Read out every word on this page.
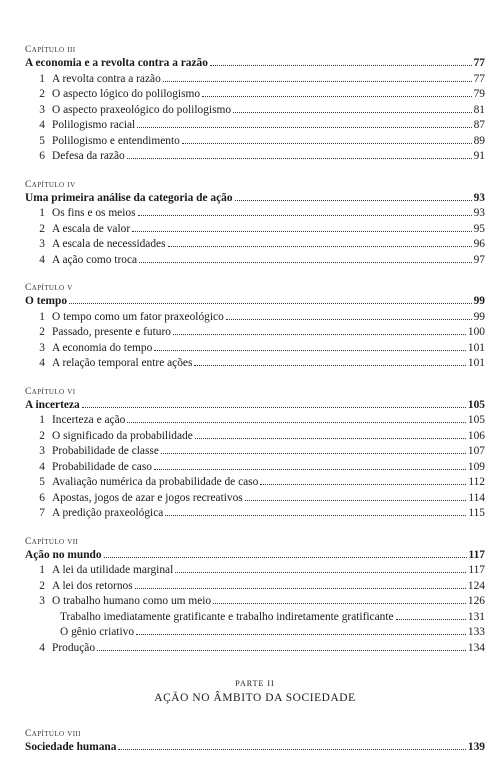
Capítulo iii
A economia e a revolta contra a razão	77
1 A revolta contra a razão	77
2 O aspecto lógico do polilogismo	79
3 O aspecto praxeológico do polilogismo	81
4 Polilogismo racial	87
5 Polilogismo e entendimento	89
6 Defesa da razão	91
Capítulo iv
Uma primeira análise da categoria de ação	93
1 Os fins e os meios	93
2 A escala de valor	95
3 A escala de necessidades	96
4 A ação como troca	97
Capítulo v
O tempo	99
1 O tempo como um fator praxeológico	99
2 Passado, presente e futuro	100
3 A economia do tempo	101
4 A relação temporal entre ações	101
Capítulo vi
A incerteza	105
1 Incerteza e ação	105
2 O significado da probabilidade	106
3 Probabilidade de classe	107
4 Probabilidade de caso	109
5 Avaliação numérica da probabilidade de caso	112
6 Apostas, jogos de azar e jogos recreativos	114
7 A predição praxeológica	115
Capítulo vii
Ação no mundo	117
1 A lei da utilidade marginal	117
2 A lei dos retornos	124
3 O trabalho humano como um meio	126
Trabalho imediatamente gratificante e trabalho indiretamente gratificante	131
O gênio criativo	133
4 Produção	134
PARTE II
AÇÃO NO ÂMBITO DA SOCIEDADE
Capítulo viii
Sociedade humana	139
